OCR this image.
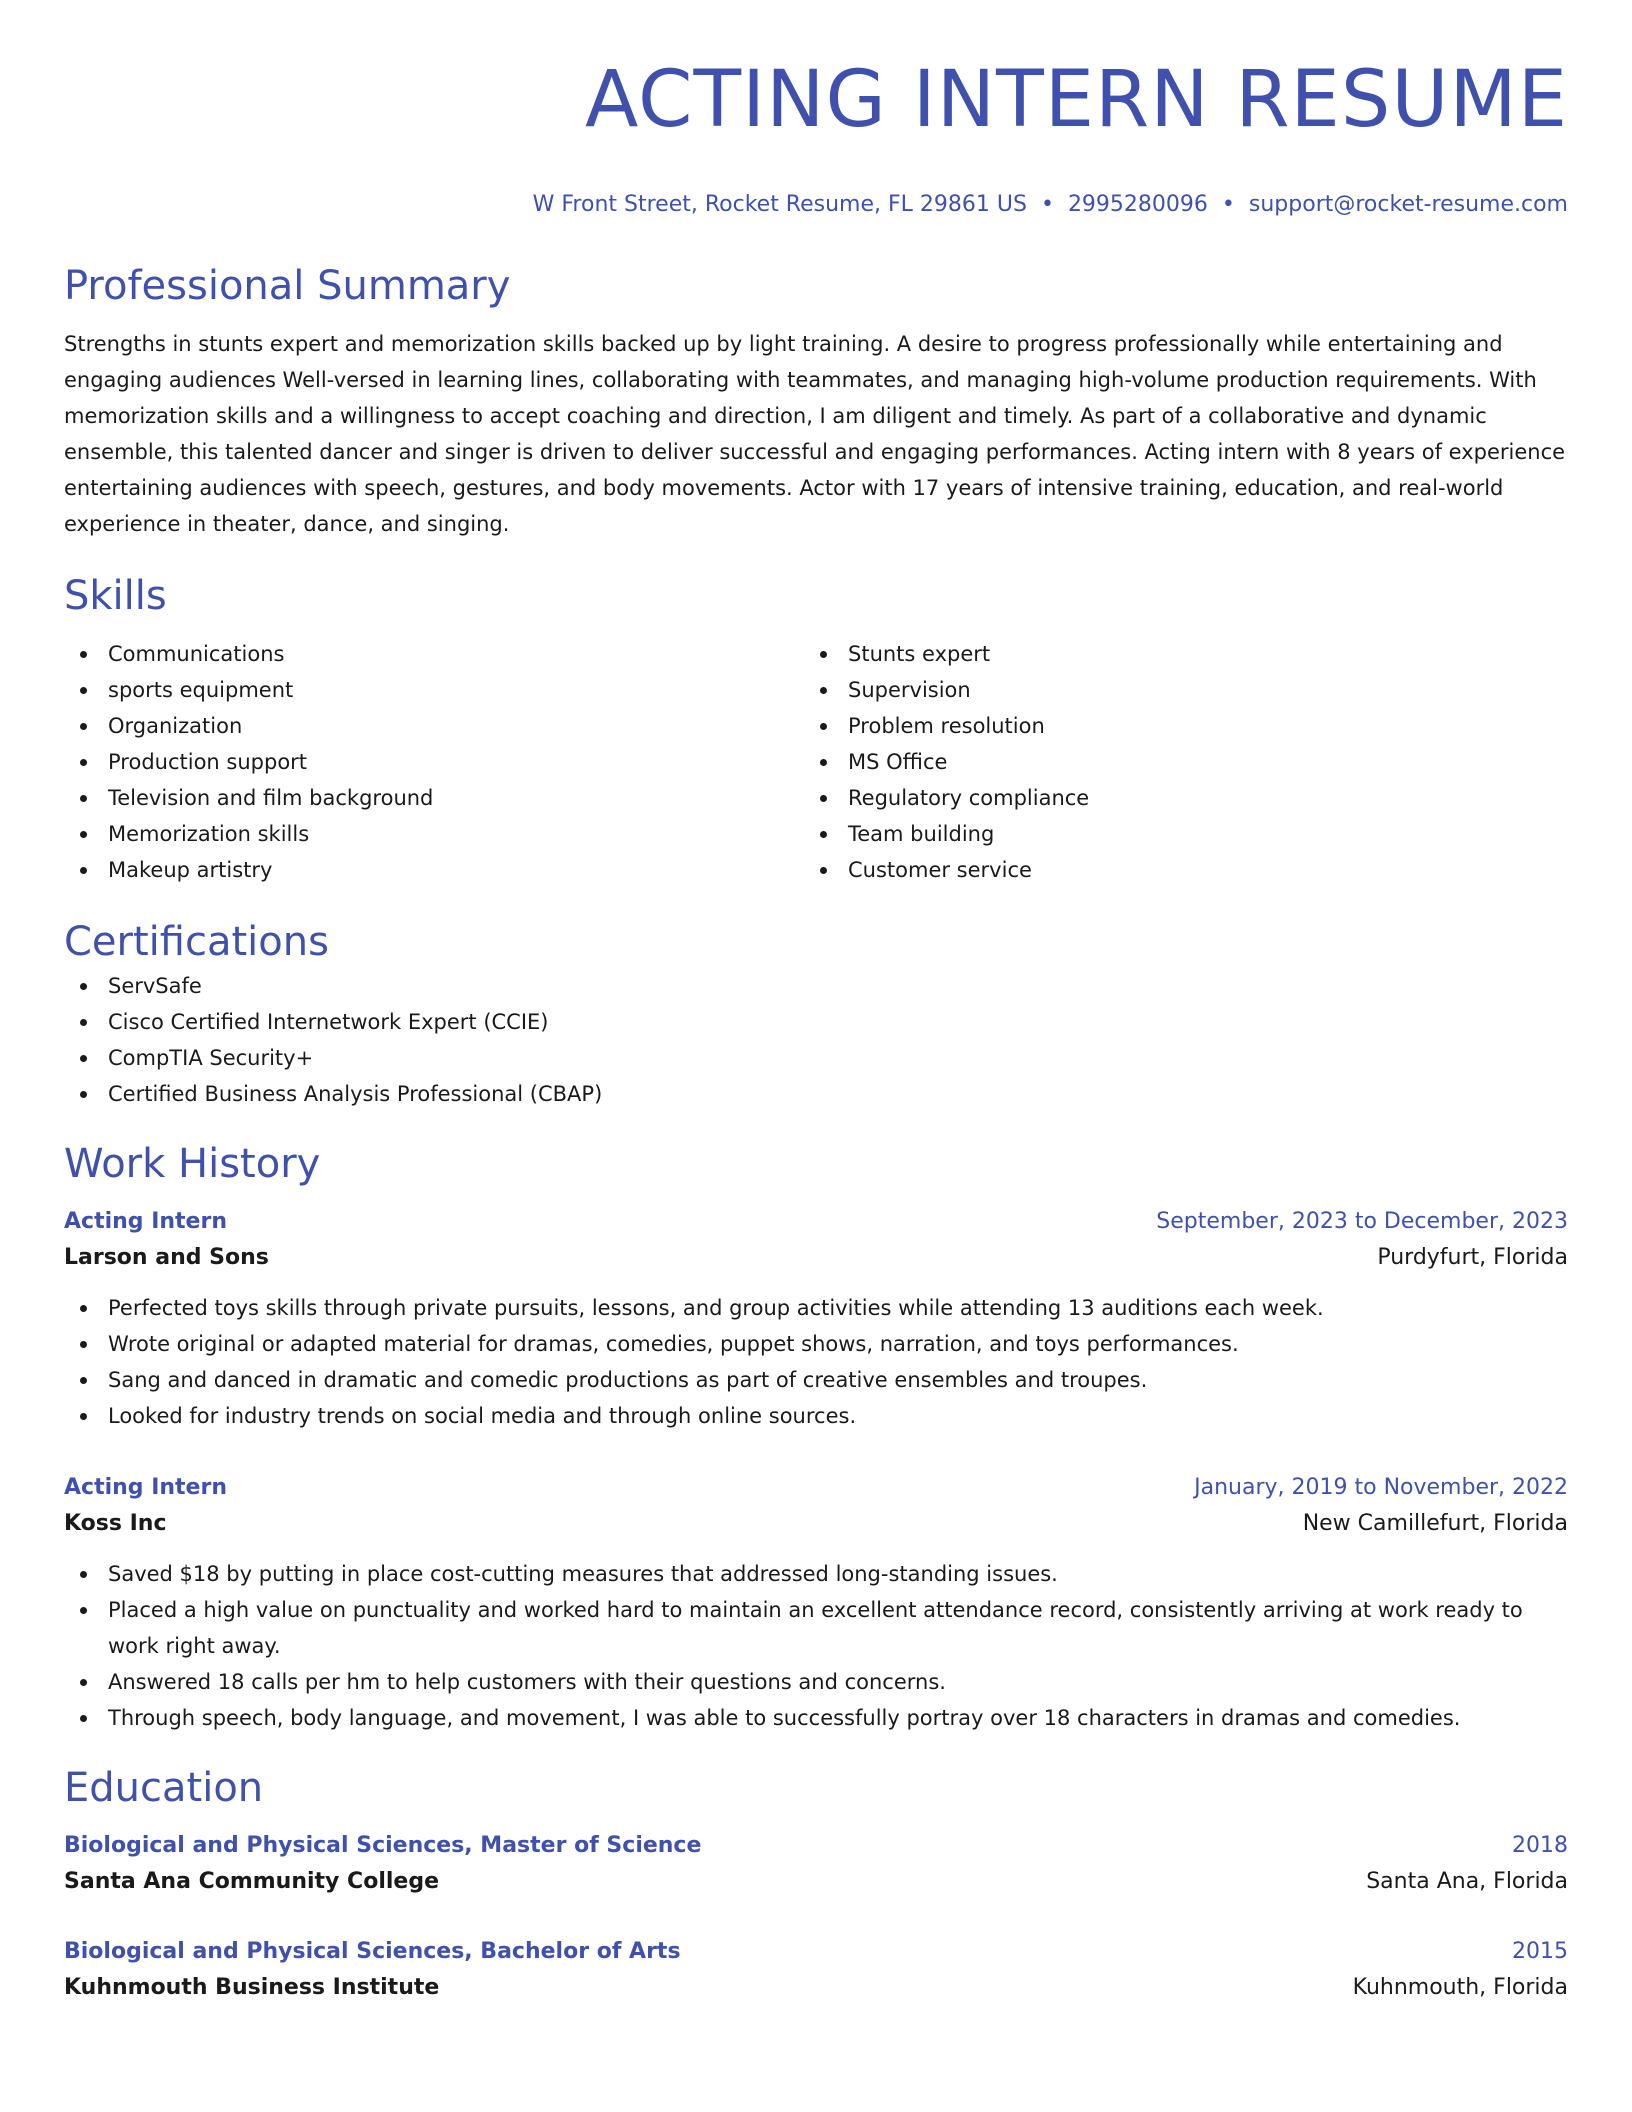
ACTING INTERN RESUME
W Front Street, Rocket Resume, FL 29861 US • 2995280096 • support@rocket-resume.com
Professional Summary
Strengths in stunts expert and memorization skills backed up by light training. A desire to progress professionally while entertaining and engaging audiences Well-versed in learning lines, collaborating with teammates, and managing high-volume production requirements. With memorization skills and a willingness to accept coaching and direction, I am diligent and timely. As part of a collaborative and dynamic ensemble, this talented dancer and singer is driven to deliver successful and engaging performances. Acting intern with 8 years of experience entertaining audiences with speech, gestures, and body movements. Actor with 17 years of intensive training, education, and real-world experience in theater, dance, and singing.
Skills
Communications
sports equipment
Organization
Production support
Television and film background
Memorization skills
Makeup artistry
Stunts expert
Supervision
Problem resolution
MS Office
Regulatory compliance
Team building
Customer service
Certifications
ServSafe
Cisco Certified Internetwork Expert (CCIE)
CompTIA Security+
Certified Business Analysis Professional (CBAP)
Work History
Acting Intern	September, 2023 to December, 2023
Larson and Sons	Purdyfurt, Florida
Perfected toys skills through private pursuits, lessons, and group activities while attending 13 auditions each week.
Wrote original or adapted material for dramas, comedies, puppet shows, narration, and toys performances.
Sang and danced in dramatic and comedic productions as part of creative ensembles and troupes.
Looked for industry trends on social media and through online sources.
Acting Intern	January, 2019 to November, 2022
Koss Inc	New Camillefurt, Florida
Saved $18 by putting in place cost-cutting measures that addressed long-standing issues.
Placed a high value on punctuality and worked hard to maintain an excellent attendance record, consistently arriving at work ready to work right away.
Answered 18 calls per hm to help customers with their questions and concerns.
Through speech, body language, and movement, I was able to successfully portray over 18 characters in dramas and comedies.
Education
Biological and Physical Sciences, Master of Science	2018
Santa Ana Community College	Santa Ana, Florida
Biological and Physical Sciences, Bachelor of Arts	2015
Kuhnmouth Business Institute	Kuhnmouth, Florida
